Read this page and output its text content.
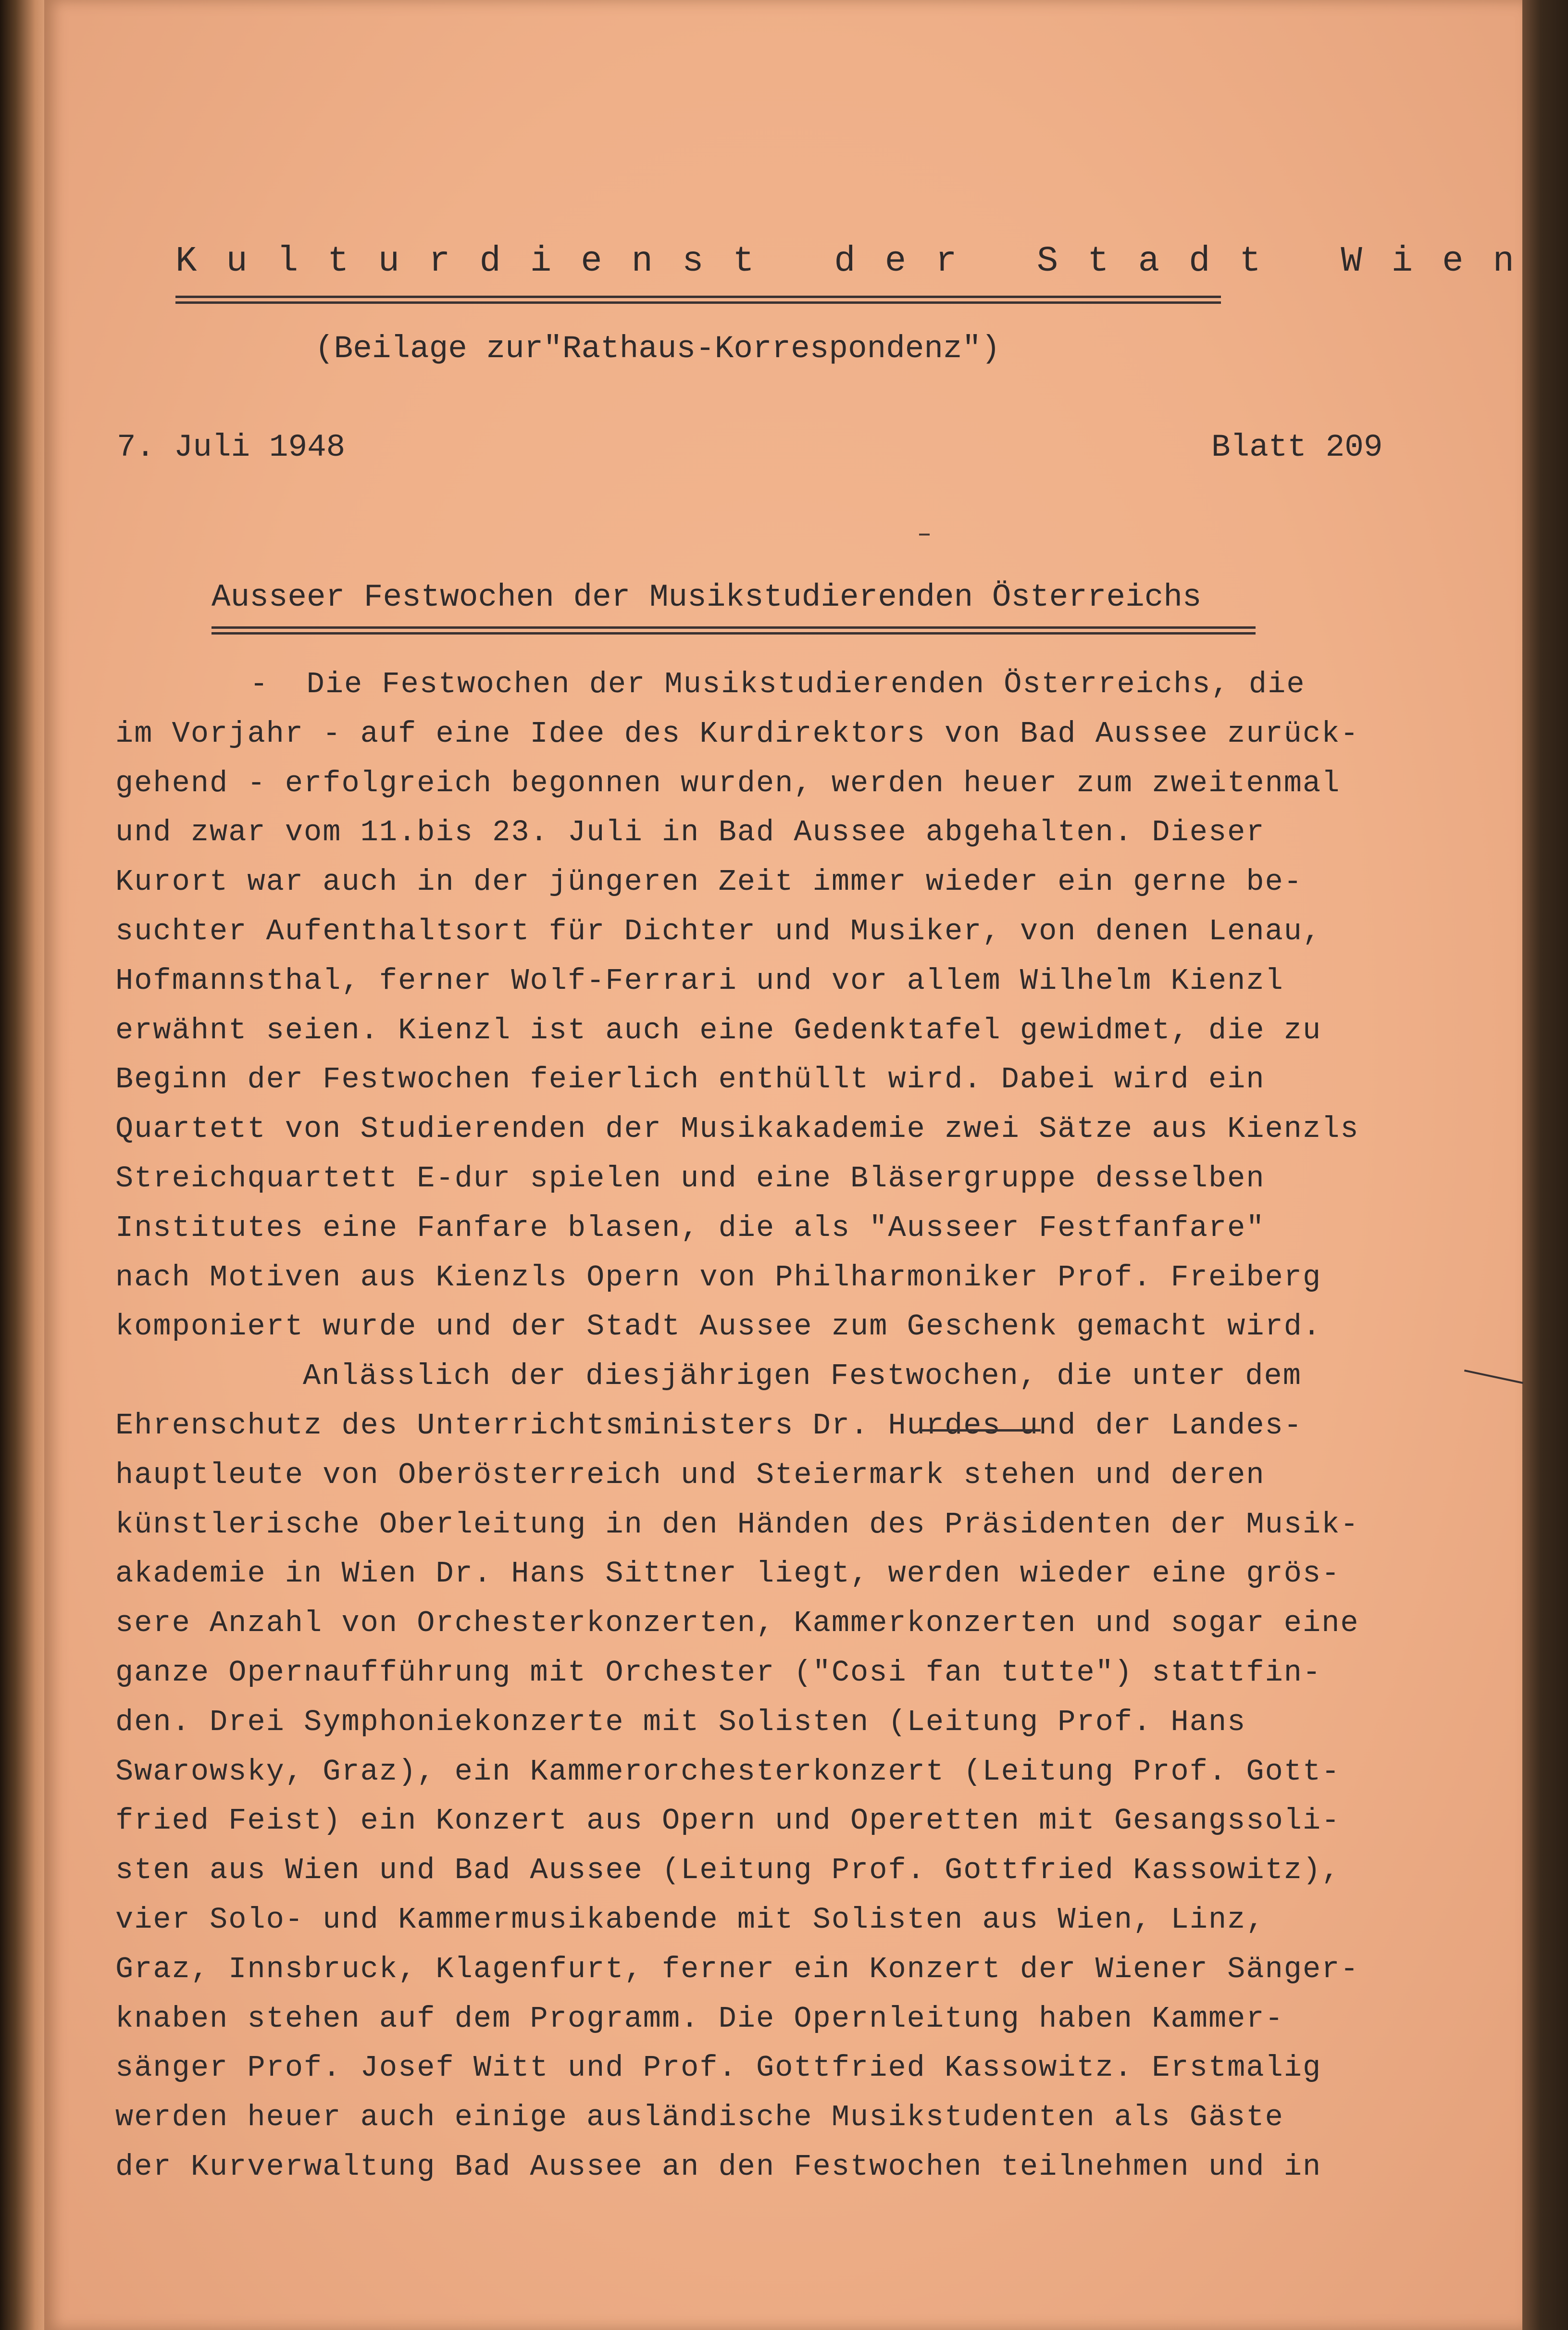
Kulturdienst der Stadt Wien
(Beilage zur"Rathaus-Korrespondenz")
7. Juli 1948	Blatt 209
Ausseer Festwochen der Musikstudierenden Österreichs
-  Die Festwochen der Musikstudierenden Österreichs, die
im Vorjahr - auf eine Idee des Kurdirektors von Bad Aussee zurück-
gehend - erfolgreich begonnen wurden, werden heuer zum zweitenmal
und zwar vom 11.bis 23. Juli in Bad Aussee abgehalten. Dieser
Kurort war auch in der jüngeren Zeit immer wieder ein gerne be-
suchter Aufenthaltsort für Dichter und Musiker, von denen Lenau,
Hofmannsthal, ferner Wolf-Ferrari und vor allem Wilhelm Kienzl
erwähnt seien. Kienzl ist auch eine Gedenktafel gewidmet, die zu
Beginn der Festwochen feierlich enthüllt wird. Dabei wird ein
Quartett von Studierenden der Musikakademie zwei Sätze aus Kienzls
Streichquartett E-dur spielen und eine Bläsergruppe desselben
Institutes eine Fanfare blasen, die als "Ausseer Festfanfare"
nach Motiven aus Kienzls Opern von Philharmoniker Prof. Freiberg
komponiert wurde und der Stadt Aussee zum Geschenk gemacht wird.
Anlässlich der diesjährigen Festwochen, die unter dem
Ehrenschutz des Unterrichtsministers Dr. Hurdes und der Landes-
hauptleute von Oberösterreich und Steiermark stehen und deren
künstlerische Oberleitung in den Händen des Präsidenten der Musik-
akademie in Wien Dr. Hans Sittner liegt, werden wieder eine grös-
sere Anzahl von Orchesterkonzerten, Kammerkonzerten und sogar eine
ganze Opernaufführung mit Orchester ("Cosi fan tutte") stattfin-
den. Drei Symphoniekonzerte mit Solisten (Leitung Prof. Hans
Swarowsky, Graz), ein Kammerorchesterkonzert (Leitung Prof. Gott-
fried Feist) ein Konzert aus Opern und Operetten mit Gesangssoli-
sten aus Wien und Bad Aussee (Leitung Prof. Gottfried Kassowitz),
vier Solo- und Kammermusikabende mit Solisten aus Wien, Linz,
Graz, Innsbruck, Klagenfurt, ferner ein Konzert der Wiener Sänger-
knaben stehen auf dem Programm. Die Opernleitung haben Kammer-
sänger Prof. Josef Witt und Prof. Gottfried Kassowitz. Erstmalig
werden heuer auch einige ausländische Musikstudenten als Gäste
der Kurverwaltung Bad Aussee an den Festwochen teilnehmen und in
